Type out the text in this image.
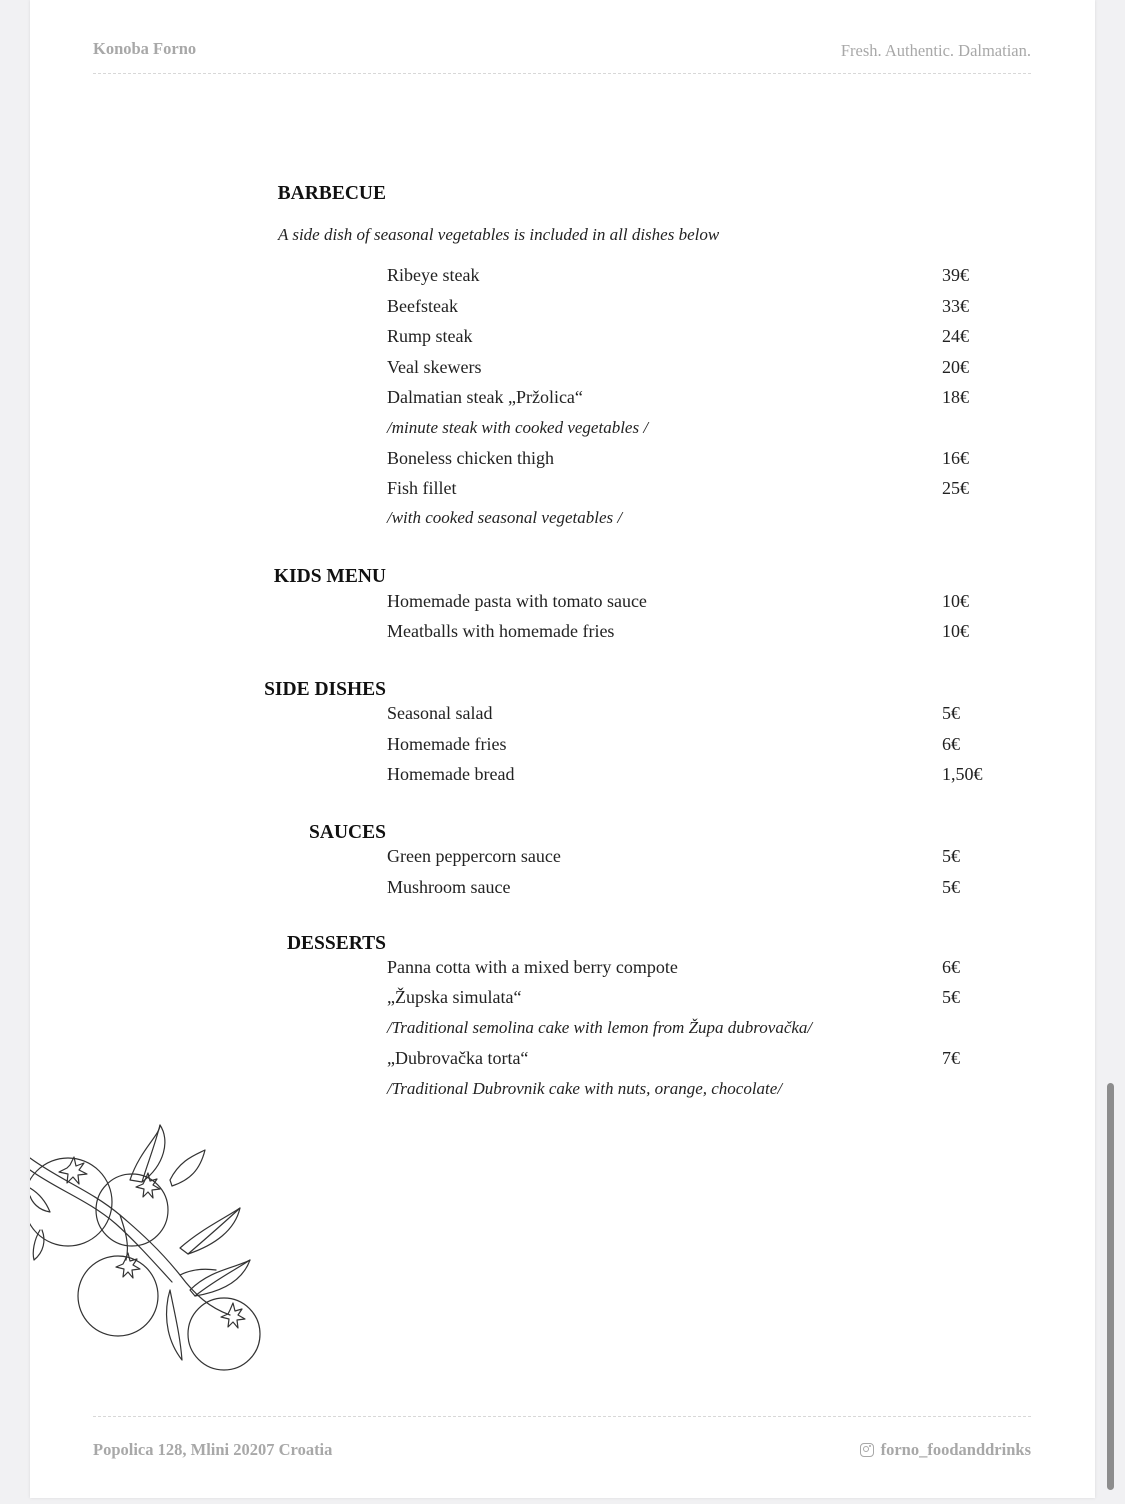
Konoba Forno	Fresh. Authentic. Dalmatian.
BARBECUE
A side dish of seasonal vegetables is included in all dishes below
Ribeye steak	39€
Beefsteak	33€
Rump steak	24€
Veal skewers	20€
Dalmatian steak „Pržolica“	18€
/minute steak with cooked vegetables /
Boneless chicken thigh	16€
Fish fillet	25€
/with cooked seasonal vegetables /
KIDS MENU
Homemade pasta with tomato sauce	10€
Meatballs with homemade fries	10€
SIDE DISHES
Seasonal salad	5€
Homemade fries	6€
Homemade bread	1,50€
SAUCES
Green peppercorn sauce	5€
Mushroom sauce	5€
DESSERTS
Panna cotta with a mixed berry compote	6€
„Župska simulata“	5€
/Traditional semolina cake with lemon from Župa dubrovačka/
„Dubrovačka torta“	7€
/Traditional Dubrovnik cake with nuts, orange, chocolate/
Popolica 128, Mlini 20207 Croatia	forno_foodanddrinks
